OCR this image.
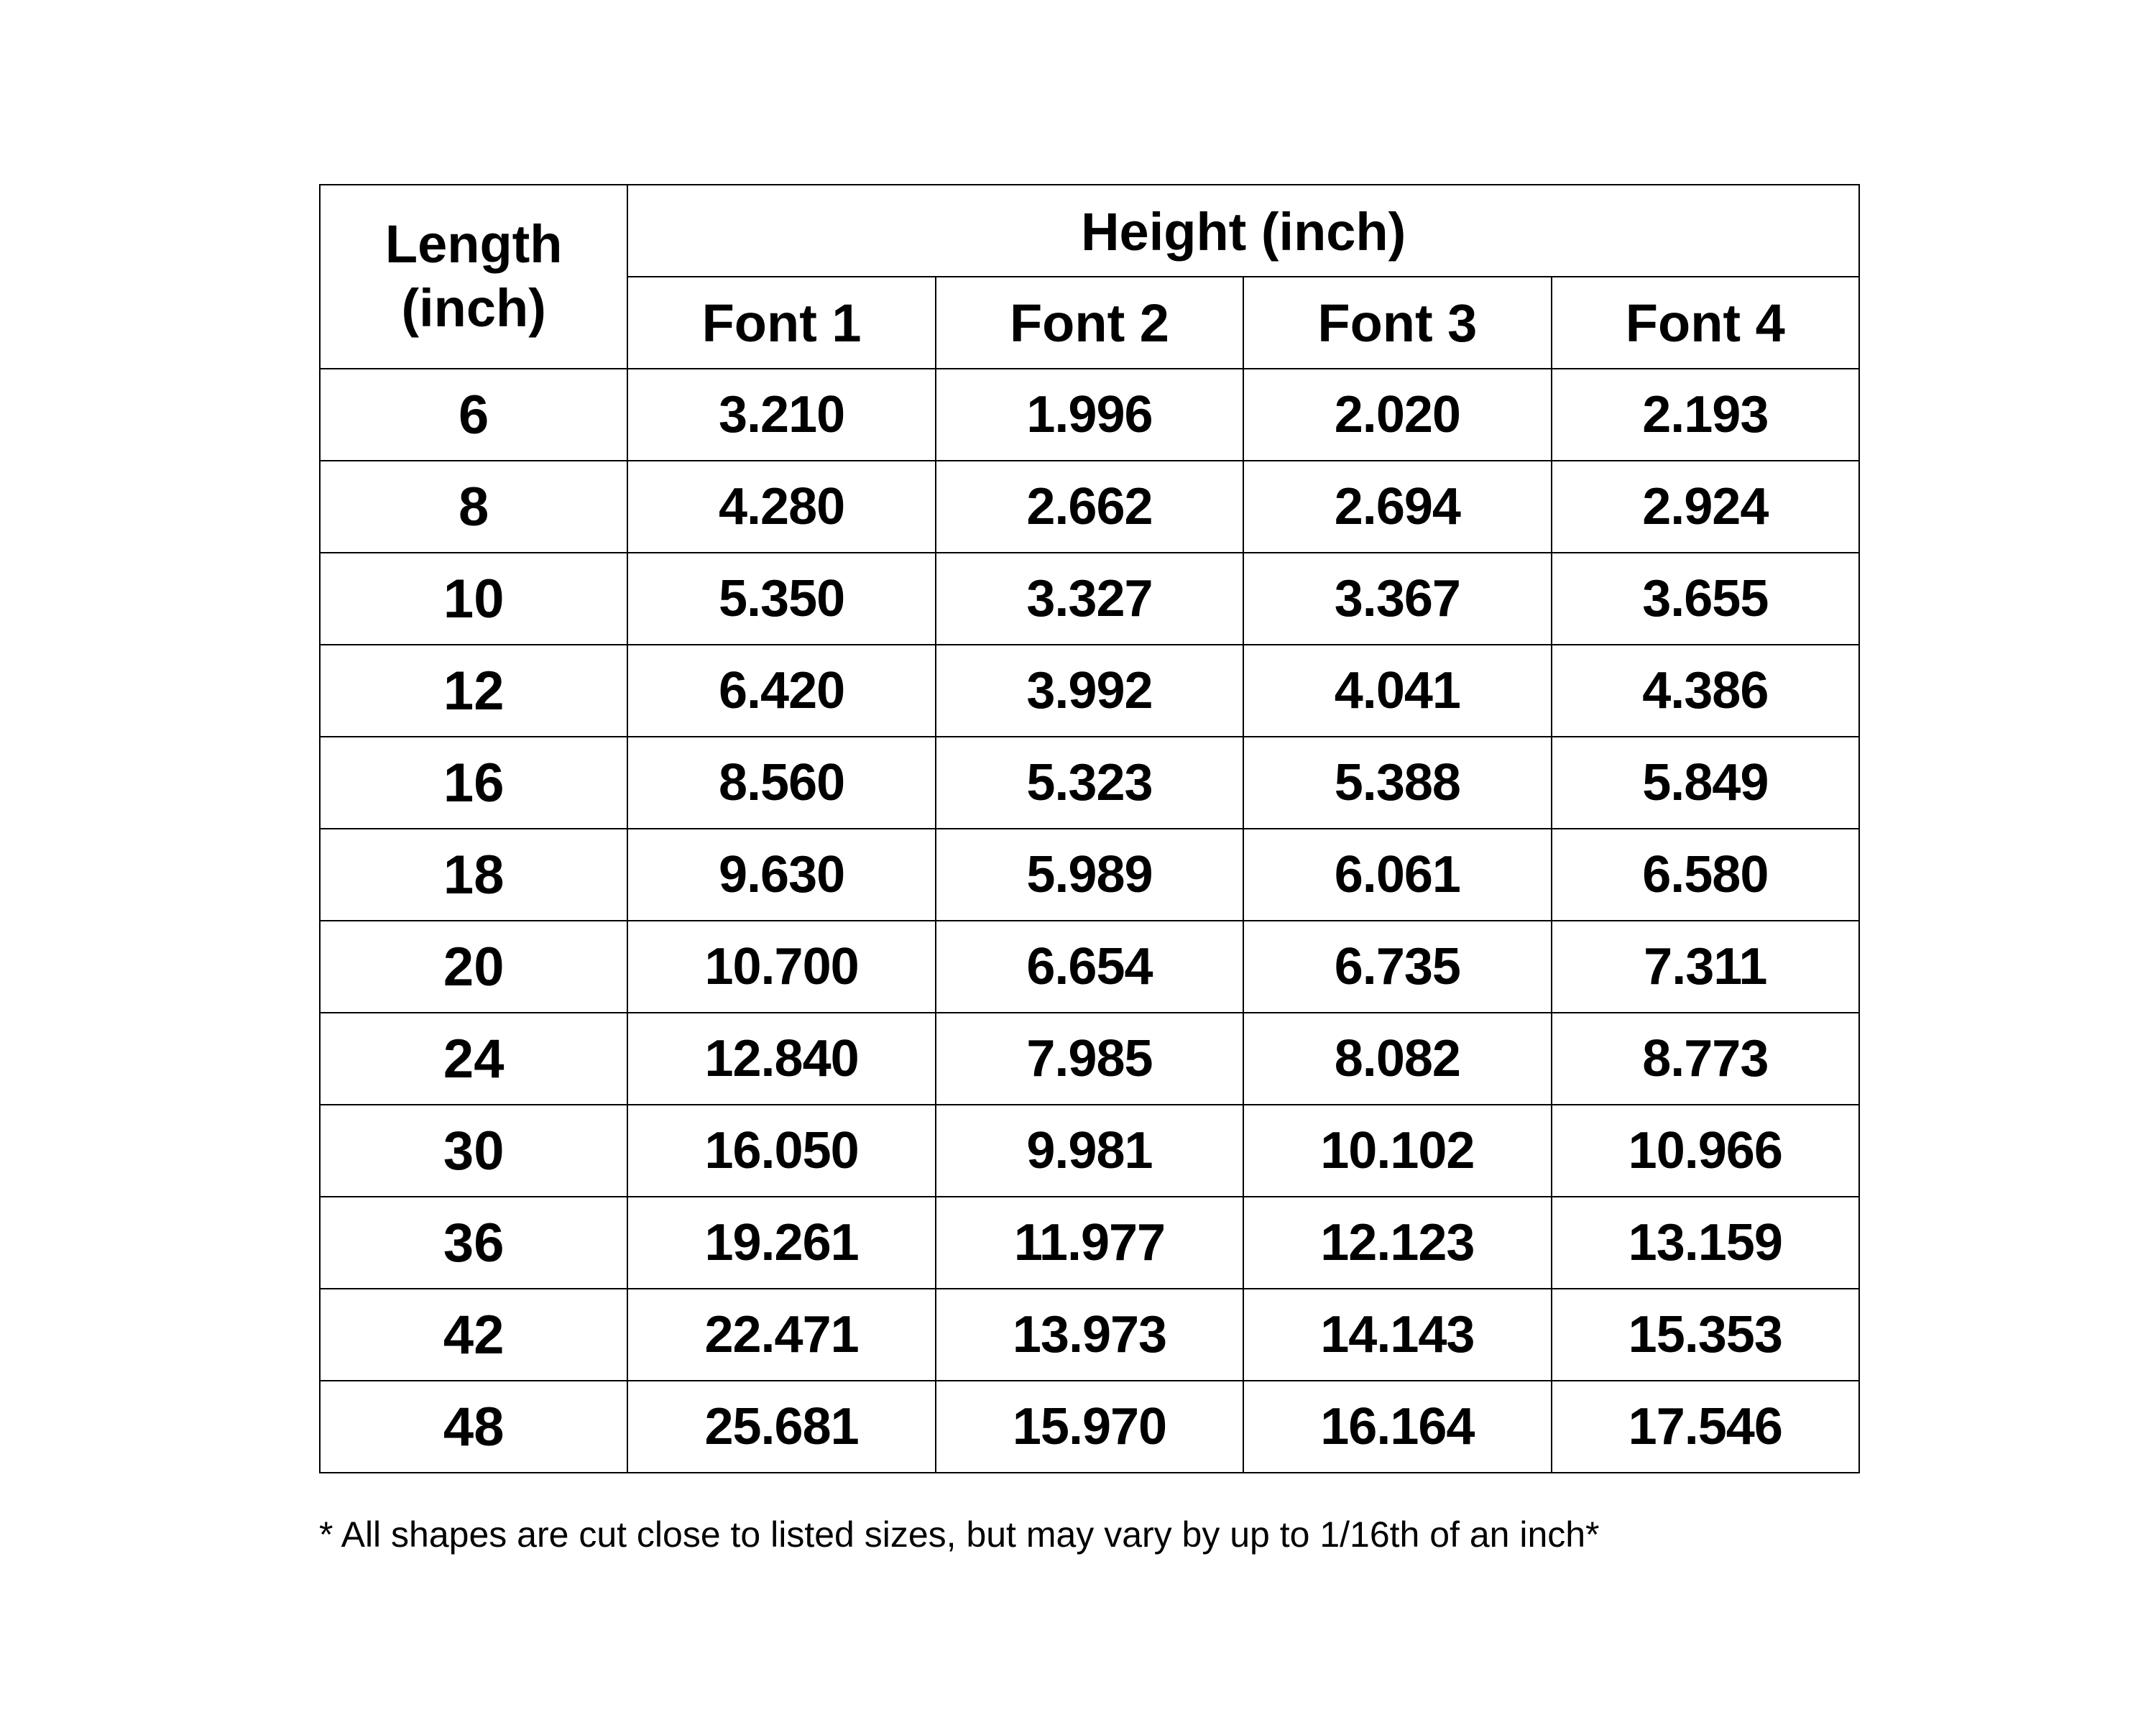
Length
(inch)	Height (inch)			
	Font 1	Font 2	Font 3	Font 4
6	3.210	1.996	2.020	2.193
8	4.280	2.662	2.694	2.924
10	5.350	3.327	3.367	3.655
12	6.420	3.992	4.041	4.386
16	8.560	5.323	5.388	5.849
18	9.630	5.989	6.061	6.580
20	10.700	6.654	6.735	7.311
24	12.840	7.985	8.082	8.773
30	16.050	9.981	10.102	10.966
36	19.261	11.977	12.123	13.159
42	22.471	13.973	14.143	15.353
48	25.681	15.970	16.164	17.546
* All shapes are cut close to listed sizes, but may vary by up to 1/16th of an inch*
